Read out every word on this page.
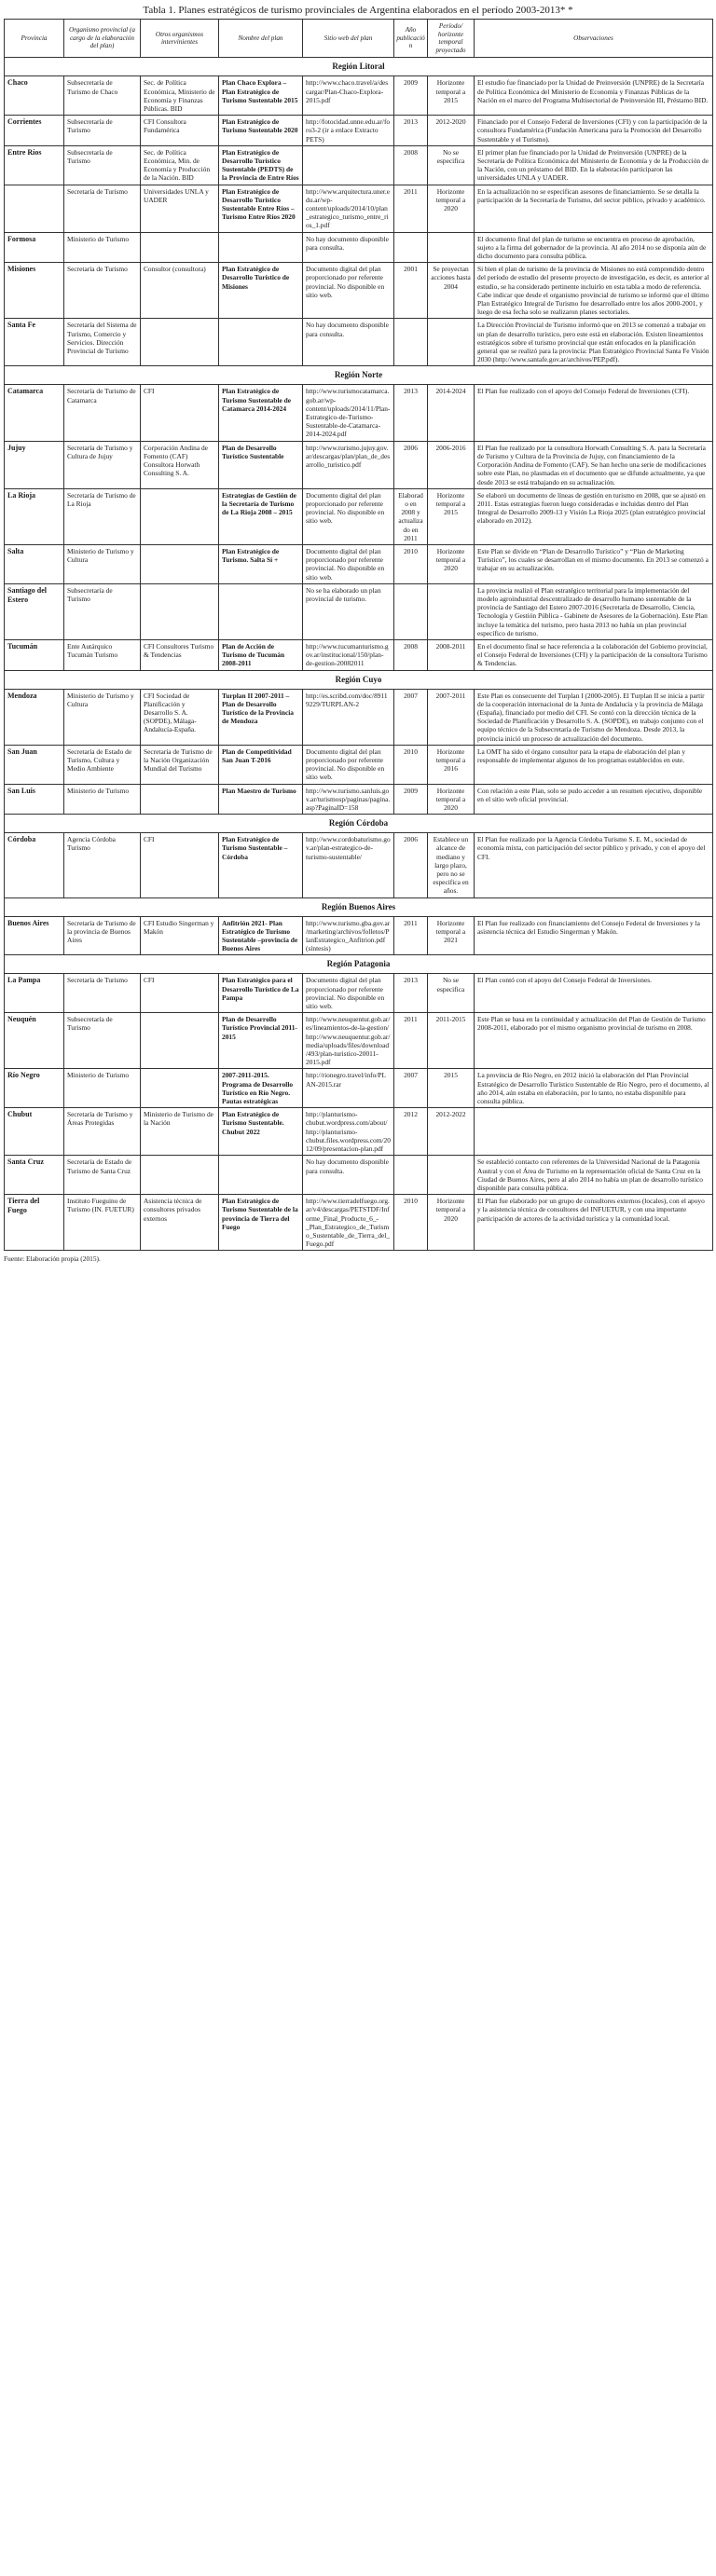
Tabla 1. Planes estratégicos de turismo provinciales de Argentina elaborados en el período 2003-2013* *
Provincia	Organismo provincial (a cargo de la elaboración del plan)	Otros organismos intervinientes	Nombre del plan	Sitio web del plan	Año publicación	Período/ horizonte temporal proyectado	Observaciones
Región Litoral							
Chaco	Subsecretaría de Turismo de Chaco	Sec. de Política Económica, Ministerio de Economía y Finanzas Públicas. BID	Plan Chaco Explora – Plan Estratégico de Turismo Sustentable 2015	http://www.chaco.travel/a/descargar/Plan-Chaco-Explora-2015.pdf	2009	Horizonte temporal a 2015	El estudio fue financiado por la Unidad de Preinversión (UNPRE) de la Secretaría de Política Económica del Ministerio de Economía y Finanzas Públicas de la Nación en el marco del Programa Multisectorial de Preinversión III, Préstamo BID.
Corrientes	Subsecretaría de Turismo	CFI Consultora Fundamérica	Plan Estratégico de Turismo Sustentable 2020	http://fotocidad.unne.edu.ar/foro3-2 (ir a enlace Extracto PETS)	2013	2012-2020	Financiado por el Consejo Federal de Inversiones (CFI) y con la participación de la consultora Fundamérica (Fundación Americana para la Promoción del Desarrollo Sustentable y el Turismo).
Entre Ríos	Subsecretaría de Turismo	Sec. de Política Económica, Min. de Economía y Producción de la Nación. BID	Plan Estratégico de Desarrollo Turístico Sustentable (PEDTS) de la Provincia de Entre Ríos		2008	No se especifica	El primer plan fue financiado por la Unidad de Preinversión (UNPRE) de la Secretaría de Política Económica del Ministerio de Economía y de la Producción de la Nación, con un préstamo del BID. En la elaboración participaron las universidades UNLA y UADER.
	Secretaría de Turismo	Universidades UNLA y UADER	Plan Estratégico de Desarrollo Turístico Sustentable Entre Ríos – Turismo Entre Ríos 2020	http://www.arquitectura.uner.edu.ar/wp-content/uploads/2014/10/plan_estrategico_turismo_entre_rios_1.pdf	2011	Horizonte temporal a 2020	En la actualización no se especifican asesores de financiamiento. Se se detalla la participación de la Secretaría de Turismo, del sector público, privado y académico.
Formosa	Ministerio de Turismo			No hay documento disponible para consulta.			El documento final del plan de turismo se encuentra en proceso de aprobación, sujeto a la firma del gobernador de la provincia. Al año 2014 no se disponía aún de dicho documento para consulta pública.
Misiones	Secretaría de Turismo	Consultor (consultora)	Plan Estratégico de Desarrollo Turístico de Misiones	Documento digital del plan proporcionado por referente provincial. No disponible en sitio web.	2001	Se proyectan acciones hasta 2004	Si bien el plan de turismo de la provincia de Misiones no está comprendido dentro del período de estudio del presente proyecto de investigación, es decir, es anterior al estudio, se ha considerado pertinente incluirlo en esta tabla a modo de referencia. Cabe indicar que desde el organismo provincial de turismo se informó que el último Plan Estratégico Integral de Turismo fue desarrollado entre los años 2000-2001, y luego de esa fecha solo se realizaron planes sectoriales.
Santa Fe	Secretaría del Sistema de Turismo, Comercio y Servicios. Dirección Provincial de Turismo			No hay documento disponible para consulta.			La Dirección Provincial de Turismo informó que en 2013 se comenzó a trabajar en un plan de desarrollo turístico, pero este está en elaboración. Existen lineamientos estratégicos sobre el turismo provincial que están enfocados en la planificación general que se realizó para la provincia: Plan Estratégico Provincial Santa Fe Visión 2030 (http://www.santafe.gov.ar/archivos/PEP.pdf).
Región Norte							
Catamarca	Secretaría de Turismo de Catamarca	CFI	Plan Estratégico de Turismo Sustentable de Catamarca 2014-2024	http://www.turismocatamarca.gob.ar/wp-content/uploads/2014/11/Plan-Estrategico-de-Turismo-Sustentable-de-Catamarca-2014-2024.pdf	2013	2014-2024	El Plan fue realizado con el apoyo del Consejo Federal de Inversiones (CFI).
Jujuy	Secretaría de Turismo y Cultura de Jujuy	Corporación Andina de Fomento (CAF) Consultora Horwath Consulting S. A.	Plan de Desarrollo Turístico Sustentable	http://www.turismo.jujuy.gov.ar/descargas/plan/plan_de_desarrollo_turistico.pdf	2006	2006-2016	El Plan fue realizado por la consultora Horwath Consulting S. A. para la Secretaría de Turismo y Cultura de la Provincia de Jujuy, con financiamiento de la Corporación Andina de Fomento (CAF). Se han hecho una serie de modificaciones sobre este Plan, no plasmadas en el documento que se difunde actualmente, ya que desde 2013 se está trabajando en su actualización.
La Rioja	Secretaría de Turismo de La Rioja		Estrategias de Gestión de la Secretaría de Turismo de La Rioja 2008 – 2015	Documento digital del plan proporcionado por referente provincial. No disponible en sitio web.	Elaborado en 2008 y actualizado en 2011	Horizonte temporal a 2015	Se elaboró un documento de líneas de gestión en turismo en 2008, que se ajustó en 2011. Estas estrategias fueron luego consideradas e incluidas dentro del Plan Integral de Desarrollo 2009-13 y Visión La Rioja 2025 (plan estratégico provincial elaborado en 2012).
Salta	Ministerio de Turismo y Cultura		Plan Estratégico de Turismo. Salta Sí +	Documento digital del plan proporcionado por referente provincial. No disponible en sitio web.	2010	Horizonte temporal a 2020	Este Plan se divide en “Plan de Desarrollo Turístico” y “Plan de Marketing Turístico”, los cuales se desarrollan en el mismo documento. En 2013 se comenzó a trabajar en su actualización.
Santiago del Estero	Subsecretaría de Turismo			No se ha elaborado un plan provincial de turismo.			La provincia realizó el Plan estratégico territorial para la implementación del modelo agroindustrial descentralizado de desarrollo humano sustentable de la provincia de Santiago del Estero 2007-2016 (Secretaría de Desarrollo, Ciencia, Tecnología y Gestión Pública - Gabinete de Asesores de la Gobernación). Este Plan incluye la temática del turismo, pero hasta 2013 no había un plan provincial específico de turismo.
Tucumán	Ente Autárquico Tucumán Turismo	CFI Consultores Turismo & Tendencias	Plan de Acción de Turismo de Tucumán 2008-2011	http://www.tucumanturismo.gov.ar/institucional/150/plan-de-gestion-20082011	2008	2008-2011	En el documento final se hace referencia a la colaboración del Gobierno provincial, el Consejo Federal de Inversiones (CFI) y la participación de la consultora Turismo & Tendencias.
Región Cuyo							
Mendoza	Ministerio de Turismo y Cultura	CFI Sociedad de Planificación y Desarrollo S. A. (SOPDE), Málaga-Andalucía-España.	Turplan II 2007-2011 – Plan de Desarrollo Turístico de la Provincia de Mendoza	http://es.scribd.com/doc/89119229/TURPLAN-2	2007	2007-2011	Este Plan es consecuente del Turplan I (2000-2005). El Turplan II se inicia a partir de la cooperación internacional de la Junta de Andalucía y la provincia de Málaga (España), financiado por medio del CFI. Se contó con la dirección técnica de la Sociedad de Planificación y Desarrollo S. A. (SOPDE), en trabajo conjunto con el equipo técnico de la Subsecretaría de Turismo de Mendoza. Desde 2013, la provincia inició un proceso de actualización del documento.
San Juan	Secretaría de Estado de Turismo, Cultura y Medio Ambiente	Secretaría de Turismo de la Nación Organización Mundial del Turismo	Plan de Competitividad San Juan T-2016	Documento digital del plan proporcionado por referente provincial. No disponible en sitio web.	2010	Horizonte temporal a 2016	La OMT ha sido el órgano consultor para la etapa de elaboración del plan y responsable de implementar algunos de los programas establecidos en este.
San Luis	Ministerio de Turismo		Plan Maestro de Turismo	http://www.turismo.sanluis.gov.ar/turismosp/paginas/pagina.asp?PaginaID=158	2009	Horizonte temporal a 2020	Con relación a este Plan, solo se pudo acceder a un resumen ejecutivo, disponible en el sitio web oficial provincial.
Región Córdoba							
Córdoba	Agencia Córdoba Turismo	CFI	Plan Estratégico de Turismo Sustentable – Córdoba	http://www.cordobaturismo.gov.ar/plan-estrategico-de-turismo-sustentable/	2006	Establece un alcance de mediano y largo plazo, pero no se especifica en años.	El Plan fue realizado por la Agencia Córdoba Turismo S. E. M., sociedad de economía mixta, con participación del sector público y privado, y con el apoyo del CFI.
Región Buenos Aires							
Buenos Aires	Secretaría de Turismo de la provincia de Buenos Aires	CFI Estudio Singerman y Makón	Anfitrión 2021- Plan Estratégico de Turismo Sustentable –provincia de Buenos Aires	http://www.turismo.gba.gov.ar/marketing/archivos/folletos/PlanEstrategico_Anfitrion.pdf (síntesis)	2011	Horizonte temporal a 2021	El Plan fue realizado con financiamiento del Consejo Federal de Inversiones y la asistencia técnica del Estudio Singerman y Makón.
Región Patagonia							
La Pampa	Secretaría de Turismo	CFI	Plan Estratégico para el Desarrollo Turístico de La Pampa	Documento digital del plan proporcionado por referente provincial. No disponible en sitio web.	2013	No se especifica	El Plan contó con el apoyo del Consejo Federal de Inversiones.
Neuquén	Subsecretaría de Turismo		Plan de Desarrollo Turístico Provincial 2011-2015	http://www.neuquentur.gob.ar/es/lineamientos-de-la-gestion/ http://www.neuquentur.gob.ar/media/uploads/files/download/493/plan-turistico-20011-2015.pdf	2011	2011-2015	Este Plan se basa en la continuidad y actualización del Plan de Gestión de Turismo 2008-2011, elaborado por el mismo organismo provincial de turismo en 2008.
Río Negro	Ministerio de Turismo		2007-2011-2015. Programa de Desarrollo Turístico en Río Negro. Pautas estratégicas	http://rionegro.travel/info/PLAN-2015.rar	2007	2015	La provincia de Río Negro, en 2012 inició la elaboración del Plan Provincial Estratégico de Desarrollo Turístico Sustentable de Río Negro, pero el documento, al año 2014, aún estaba en elaboración, por lo tanto, no estaba disponible para consulta pública.
Chubut	Secretaría de Turismo y Áreas Protegidas	Ministerio de Turismo de la Nación	Plan Estratégico de Turismo Sustentable. Chubut 2022	http://planturismo-chubut.wordpress.com/about/ http://planturismo-chubut.files.wordpress.com/2012/09/presentacion-plan.pdf	2012	2012-2022	
Santa Cruz	Secretaría de Estado de Turismo de Santa Cruz			No hay documento disponible para consulta.			Se estableció contacto con referentes de la Universidad Nacional de la Patagonia Austral y con el Área de Turismo en la representación oficial de Santa Cruz en la Ciudad de Buenos Aires, pero al año 2014 no había un plan de desarrollo turístico disponible para consulta pública.
Tierra del Fuego	Instituto Fueguino de Turismo (IN. FUETUR)	Asistencia técnica de consultores privados externos	Plan Estratégico de Turismo Sustentable de la provincia de Tierra del Fuego	http://www.tierradelfuego.org.ar/v4/descargas/PETSTDF/Informe_Final_Producto_6_-_Plan_Estrategico_de_Turismo_Sustentable_de_Tierra_del_Fuego.pdf	2010	Horizonte temporal a 2020	El Plan fue elaborado por un grupo de consultores externos (locales), con el apoyo y la asistencia técnica de consultores del INFUETUR, y con una importante participación de actores de la actividad turística y la comunidad local.
Fuente: Elaboración propia (2015).
